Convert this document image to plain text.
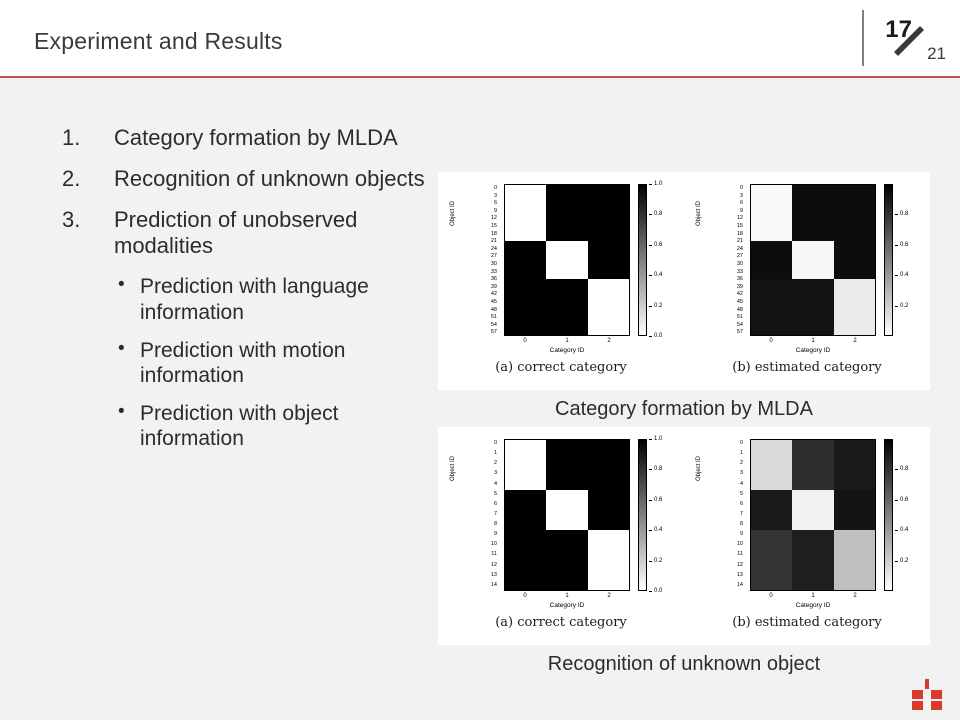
Experiment and Results	17
21
1.	Category formation by MLDA
2.	Recognition of unknown objects
3.	Prediction of unobserved modalities
• Prediction with language information
• Prediction with motion information
• Prediction with object information
Object ID
0
3
6
9
12
15
18
21
24
27
30
33
36
39
42
45
48
51
54
57
0	1	2
Category ID
1.0
0.8
0.6
0.4
0.2
0.0
(a) correct category
Object ID
0
3
6
9
12
15
18
21
24
27
30
33
36
39
42
45
48
51
54
57
0	1	2
Category ID
0.8
0.6
0.4
0.2
(b) estimated category
Category formation by MLDA
Object ID
0
1
2
3
4
5
6
7
8
9
10
11
12
13
14
0	1	2
Category ID
1.0
0.8
0.6
0.4
0.2
0.0
(a) correct category
Object ID
0
1
2
3
4
5
6
7
8
9
10
11
12
13
14
0	1	2
Category ID
0.8
0.6
0.4
0.2
(b) estimated category
Recognition of unknown object
